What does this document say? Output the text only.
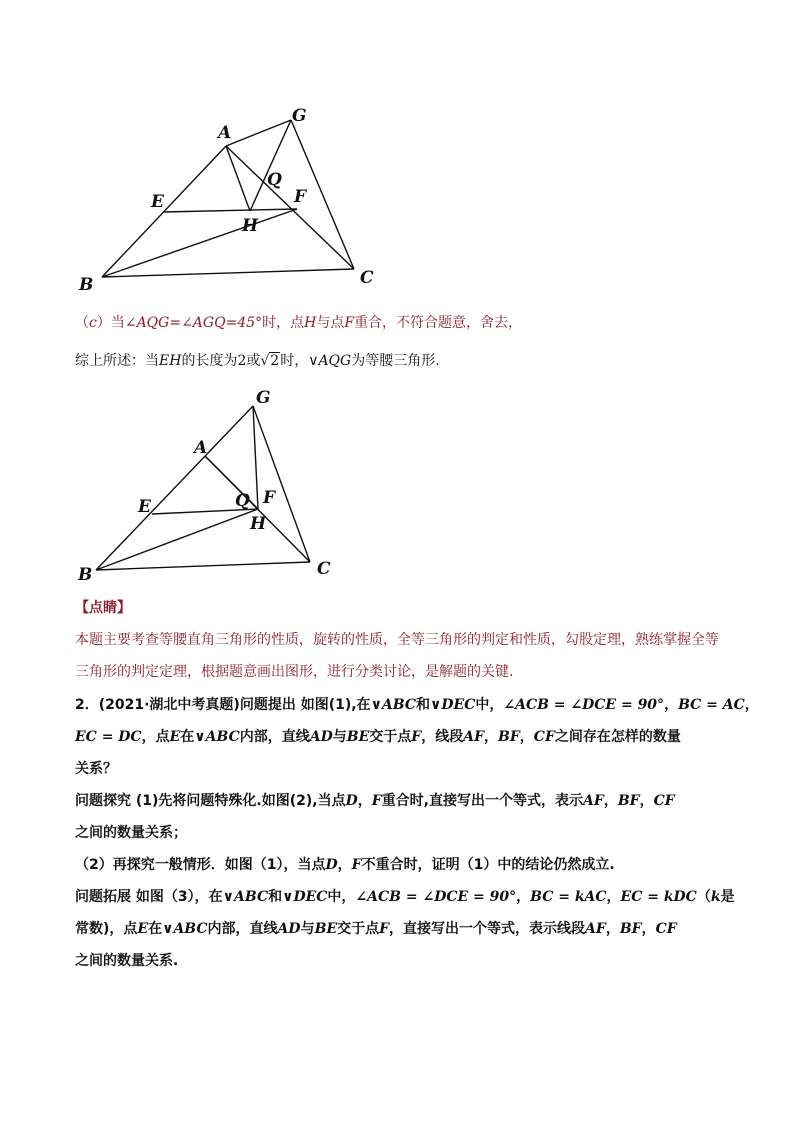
A
G
Q
E	F
H
B	C
（c）当∠AQG=∠AGQ=45°时，点H与点F重合，不符合题意，舍去，
综上所述：当EH的长度为2或√2时，∨AQG为等腰三角形.
G
A
E	Q F
H
B	C
【点睛】
本题主要考查等腰直角三角形的性质，旋转的性质，全等三角形的判定和性质，勾股定理，熟练掌握全等
三角形的判定定理，根据题意画出图形，进行分类讨论，是解题的关键.
2．(2021·湖北中考真题)问题提出 如图(1),在∨ABC和∨DEC中，∠ACB = ∠DCE = 90°，BC = AC，
EC = DC，点E在∨ABC内部，直线AD与BE交于点F，线段AF，BF，CF之间存在怎样的数量
关系？
问题探究 (1)先将问题特殊化.如图(2),当点D，F重合时,直接写出一个等式，表示AF，BF，CF
之间的数量关系；
（2）再探究一般情形．如图（1），当点D，F不重合时，证明（1）中的结论仍然成立.
问题拓展 如图（3），在∨ABC和∨DEC中，∠ACB = ∠DCE = 90°，BC = kAC，EC = kDC（k是
常数)，点E在∨ABC内部，直线AD与BE交于点F，直接写出一个等式，表示线段AF，BF，CF
之间的数量关系.
